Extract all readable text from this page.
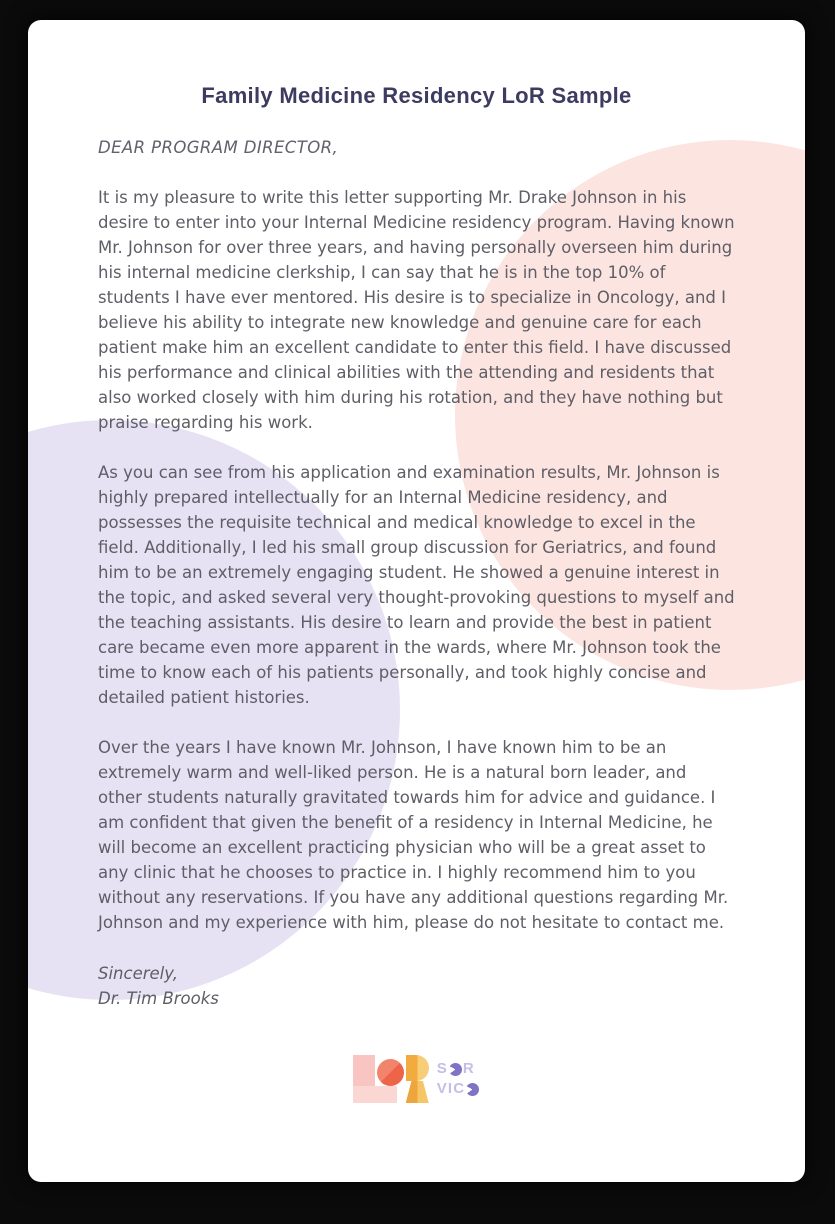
Family Medicine Residency LoR Sample

DEAR PROGRAM DIRECTOR,

It is my pleasure to write this letter supporting Mr. Drake Johnson in his desire to enter into your Internal Medicine residency program. Having known Mr. Johnson for over three years, and having personally overseen him during his internal medicine clerkship, I can say that he is in the top 10% of students I have ever mentored. His desire is to specialize in Oncology, and I believe his ability to integrate new knowledge and genuine care for each patient make him an excellent candidate to enter this field. I have discussed his performance and clinical abilities with the attending and residents that also worked closely with him during his rotation, and they have nothing but praise regarding his work.

As you can see from his application and examination results, Mr. Johnson is highly prepared intellectually for an Internal Medicine residency, and possesses the requisite technical and medical knowledge to excel in the field. Additionally, I led his small group discussion for Geriatrics, and found him to be an extremely engaging student. He showed a genuine interest in the topic, and asked several very thought-provoking questions to myself and the teaching assistants. His desire to learn and provide the best in patient care became even more apparent in the wards, where Mr. Johnson took the time to know each of his patients personally, and took highly concise and detailed patient histories.

Over the years I have known Mr. Johnson, I have known him to be an extremely warm and well-liked person. He is a natural born leader, and other students naturally gravitated towards him for advice and guidance. I am confident that given the benefit of a residency in Internal Medicine, he will become an excellent practicing physician who will be a great asset to any clinic that he chooses to practice in. I highly recommend him to you without any reservations. If you have any additional questions regarding Mr. Johnson and my experience with him, please do not hesitate to contact me.

Sincerely,

Dr. Tim Brooks

S R
VIC
